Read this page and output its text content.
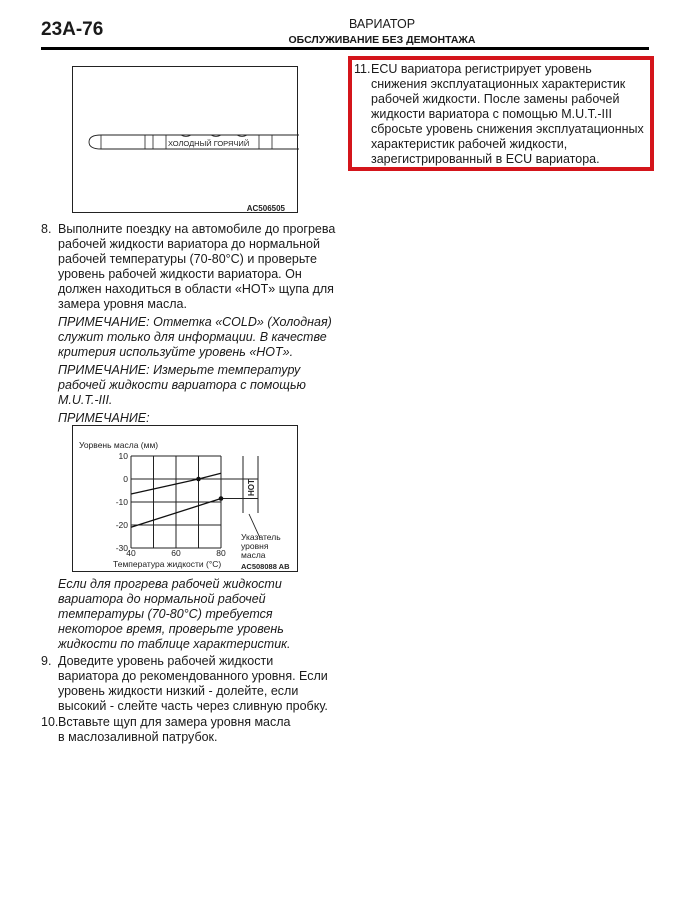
23A-76	ВАРИАТОР
ОБСЛУЖИВАНИЕ БЕЗ ДЕМОНТАЖА
ХОЛОДНЫЙ ГОРЯЧИЙ
AC506505
8. Выполните поездку на автомобиле до прогрева
рабочей жидкости вариатора до нормальной
рабочей температуры (70-80°С) и проверьте
уровень рабочей жидкости вариатора. Он
должен находиться в области «HOT» щупа для
замера уровня масла.
ПРИМЕЧАНИЕ: Отметка «COLD» (Холодная)
служит только для информации. В качестве
критерия используйте уровень «HOT».
ПРИМЕЧАНИЕ: Измерьте температуру
рабочей жидкости вариатора с помощью
M.U.T.-III.
ПРИМЕЧАНИЕ:
Уорвень масла (мм)
Температура жидкости (°C)
10
0
-10
-20
-30
40	60	80
HOT
Указатель
уровня
масла
AC508088 AB
Если для прогрева рабочей жидкости
вариатора до нормальной рабочей
температуры (70-80°С) требуется
некоторое время, проверьте уровень
жидкости по таблице характеристик.
9. Доведите уровень рабочей жидкости
вариатора до рекомендованного уровня. Если
уровень жидкости низкий - долейте, если
высокий - слейте часть через сливную пробку.
10. Вставьте щуп для замера уровня масла
в маслозаливной патрубок.
11. ECU вариатора регистрирует уровень
снижения эксплуатационных характеристик
рабочей жидкости. После замены рабочей
жидкости вариатора с помощью M.U.T.-III
сбросьте уровень снижения эксплуатационных
характеристик рабочей жидкости,
зарегистрированный в ECU вариатора.
